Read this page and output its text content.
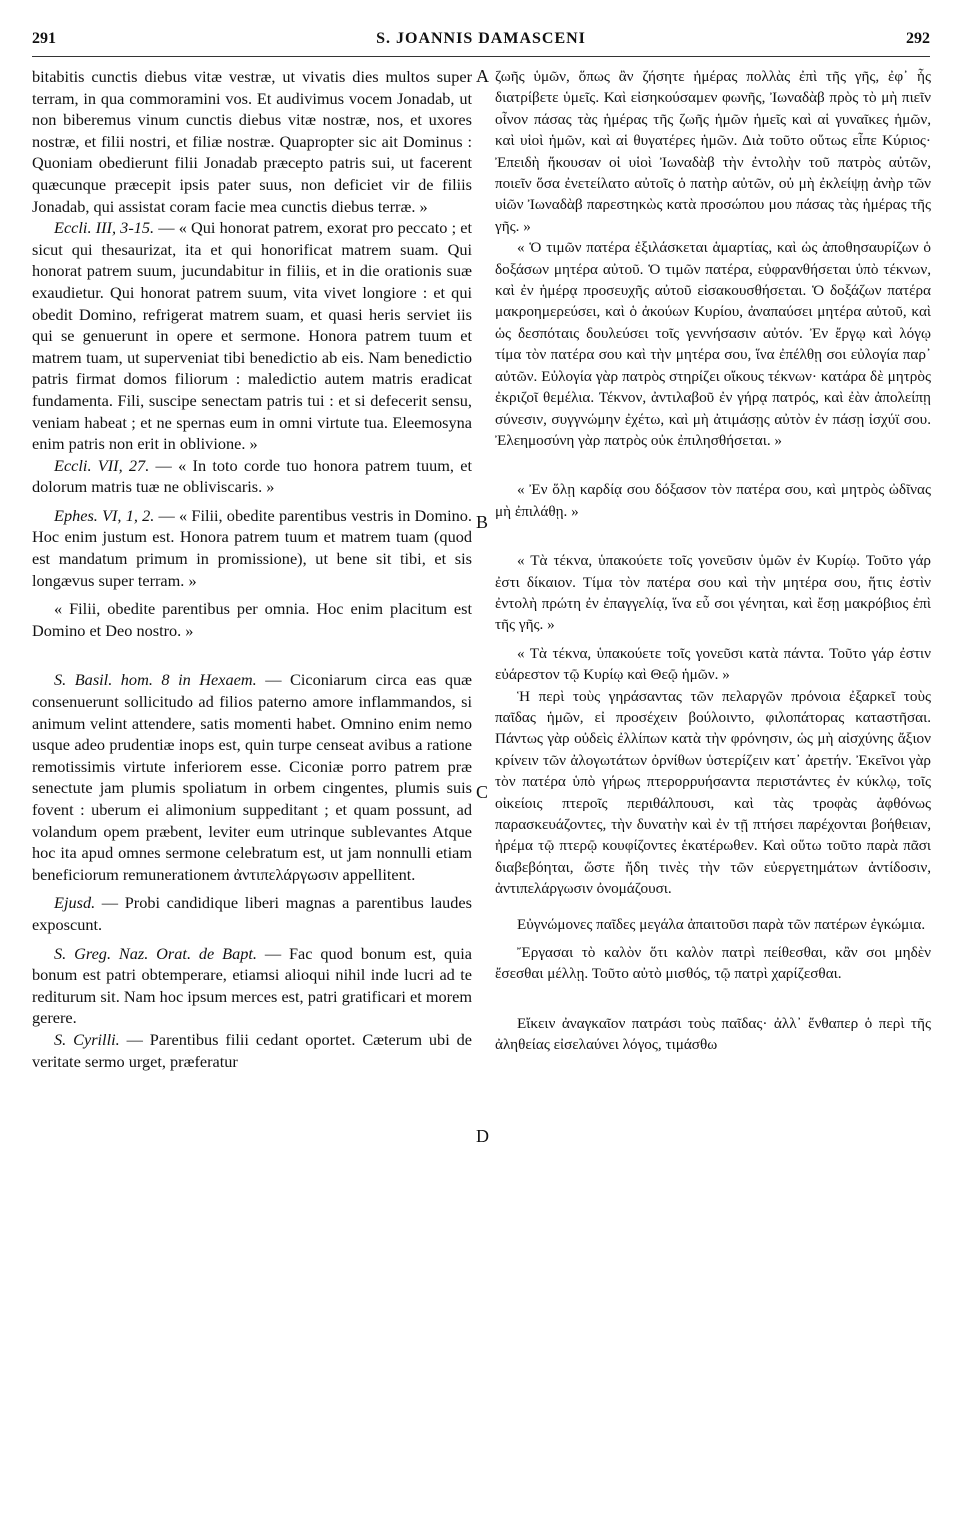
291	S. JOANNIS DAMASCENI	292

bitabitis cunctis diebus vitæ vestræ, ut vivatis dies multos super terram, in qua commoramini vos. Et audivimus vocem Jonadab, ut non biberemus vinum cunctis diebus vitæ nostræ, nos, et uxores nostræ, et filii nostri, et filiæ nostræ. Quapropter sic ait Dominus : Quoniam obedierunt filii Jonadab præcepto patris sui, ut facerent quæcunque præcepit ipsis pater suus, non deficiet vir de filiis Jonadab, qui assistat coram facie mea cunctis diebus terræ. »

Eccli. III, 3-15. — « Qui honorat patrem, exorat pro peccato ; et sicut qui thesaurizat, ita et qui honorificat matrem suam. Qui honorat patrem suum, jucundabitur in filiis, et in die orationis suæ exaudietur. Qui honorat patrem suum, vita vivet longiore : et qui obedit Domino, refrigerat matrem suam, et quasi heris serviet iis qui se genuerunt in opere et sermone. Honora patrem tuum et matrem tuam, ut superveniat tibi benedictio ab eis. Nam benedictio patris firmat domos filiorum : maledictio autem matris eradicat fundamenta. Fili, suscipe senectam patris tui : et si defecerit sensu, veniam habeat ; et ne spernas eum in omni virtute tua. Eleemosyna enim patris non erit in oblivione. »

Eccli. VII, 27. — « In toto corde tuo honora patrem tuum, et dolorum matris tuæ ne obliviscaris. »

Ephes. VI, 1, 2. — « Filii, obedite parentibus vestris in Domino. Hoc enim justum est. Honora patrem tuum et matrem tuam (quod est mandatum primum in promissione), ut bene sit tibi, et sis longævus super terram. »

« Filii, obedite parentibus per omnia. Hoc enim placitum est Domino et Deo nostro. »

S. Basil. hom. 8 in Hexaem. — Ciconiarum circa eas quæ consenuerunt sollicitudo ad filios paterno amore inflammandos, si animum velint attendere, satis momenti habet. Omnino enim nemo usque adeo prudentiæ inops est, quin turpe censeat avibus a ratione remotissimis virtute inferiorem esse. Ciconiæ porro patrem præ senectute jam plumis spoliatum in orbem cingentes, plumis suis fovent : uberum ei alimonium suppeditant ; et quam possunt, ad volandum opem præbent, leviter eum utrinque sublevantes Atque hoc ita apud omnes sermone celebratum est, ut jam nonnulli etiam beneficiorum remunerationem ἀντιπελάργωσιν appellitent.

Ejusd. — Probi candidique liberi magnas a parentibus laudes exposcunt.

S. Greg. Naz. Orat. de Bapt. — Fac quod bonum est, quia bonum est patri obtemperare, etiamsi alioqui nihil inde lucri ad te rediturum sit. Nam hoc ipsum merces est, patri gratificari et morem gerere.

S. Cyrilli. — Parentibus filii cedant oportet. Cæterum ubi de veritate sermo urget, præferatur

A
B
C
D

ζωῆς ὑμῶν, ὅπως ἂν ζήσητε ἡμέρας πολλὰς ἐπὶ τῆς γῆς, ἐφ᾽ ἧς διατρίβετε ὑμεῖς. Καὶ εἰσηκούσαμεν φωνῆς, Ἰωναδὰβ πρὸς τὸ μὴ πιεῖν οἶνον πάσας τὰς ἡμέρας τῆς ζωῆς ἡμῶν ἡμεῖς καὶ αἱ γυναῖκες ἡμῶν, καὶ υἱοὶ ἡμῶν, καὶ αἱ θυγατέρες ἡμῶν. Διὰ τοῦτο οὕτως εἶπε Κύριος· Ἐπειδὴ ἤκουσαν οἱ υἱοὶ Ἰωναδὰβ τὴν ἐντολὴν τοῦ πατρὸς αὐτῶν, ποιεῖν ὅσα ἐνετείλατο αὐτοῖς ὁ πατὴρ αὐτῶν, οὐ μὴ ἐκλείψῃ ἀνὴρ τῶν υἱῶν Ἰωναδὰβ παρεστηκὼς κατὰ προσώπου μου πάσας τὰς ἡμέρας τῆς γῆς. »

« Ὁ τιμῶν πατέρα ἐξιλάσκεται ἁμαρτίας, καὶ ὡς ἀποθησαυρίζων ὁ δοξάσων μητέρα αὐτοῦ. Ὁ τιμῶν πατέρα, εὐφρανθήσεται ὑπὸ τέκνων, καὶ ἐν ἡμέρᾳ προσευχῆς αὐτοῦ εἰσακουσθήσεται. Ὁ δοξάζων πατέρα μακροημερεύσει, καὶ ὁ ἀκούων Κυρίου, ἀναπαύσει μητέρα αὐτοῦ, καὶ ὡς δεσπόταις δουλεύσει τοῖς γεννήσασιν αὐτόν. Ἐν ἔργῳ καὶ λόγῳ τίμα τὸν πατέρα σου καὶ τὴν μητέρα σου, ἵνα ἐπέλθῃ σοι εὐλογία παρ᾽ αὐτῶν. Εὐλογία γὰρ πατρὸς στηρίζει οἴκους τέκνων· κατάρα δὲ μητρὸς ἐκριζοῖ θεμέλια. Τέκνον, ἀντιλαβοῦ ἐν γήρᾳ πατρός, καὶ ἐὰν ἀπολείπῃ σύνεσιν, συγγνώμην ἐχέτω, καὶ μὴ ἀτιμάσῃς αὐτὸν ἐν πάσῃ ἰσχύϊ σου. Ἐλεημοσύνη γὰρ πατρὸς οὐκ ἐπιλησθήσεται. »

« Ἐν ὅλῃ καρδίᾳ σου δόξασον τὸν πατέρα σου, καὶ μητρὸς ὠδῖνας μὴ ἐπιλάθῃ. »

« Τὰ τέκνα, ὑπακούετε τοῖς γονεῦσιν ὑμῶν ἐν Κυρίῳ. Τοῦτο γάρ ἐστι δίκαιον. Τίμα τὸν πατέρα σου καὶ τὴν μητέρα σου, ἥτις ἐστὶν ἐντολὴ πρώτη ἐν ἐπαγγελίᾳ, ἵνα εὖ σοι γένηται, καὶ ἔσῃ μακρόβιος ἐπὶ τῆς γῆς. »

« Τὰ τέκνα, ὑπακούετε τοῖς γονεῦσι κατὰ πάντα. Τοῦτο γάρ ἐστιν εὐάρεστον τῷ Κυρίῳ καὶ Θεῷ ἡμῶν. »

Ἡ περὶ τοὺς γηράσαντας τῶν πελαργῶν πρόνοια ἐξαρκεῖ τοὺς παῖδας ἡμῶν, εἰ προσέχειν βούλοιντο, φιλοπάτορας καταστῆσαι. Πάντως γὰρ οὐδεὶς ἐλλίπων κατὰ τὴν φρόνησιν, ὡς μὴ αἰσχύνης ἄξιον κρίνειν τῶν ἀλογωτάτων ὀρνίθων ὑστερίζειν κατ᾽ ἀρετήν. Ἐκεῖνοι γὰρ τὸν πατέρα ὑπὸ γήρως πτερορρυήσαντα περιστάντες ἐν κύκλῳ, τοῖς οἰκείοις πτεροῖς περιθάλπουσι, καὶ τὰς τροφὰς ἀφθόνως παρασκευάζοντες, τὴν δυνατὴν καὶ ἐν τῇ πτήσει παρέχονται βοήθειαν, ἠρέμα τῷ πτερῷ κουφίζοντες ἑκατέρωθεν. Καὶ οὕτω τοῦτο παρὰ πᾶσι διαβεβόηται, ὥστε ἤδη τινὲς τὴν τῶν εὐεργετημάτων ἀντίδοσιν, ἀντιπελάργωσιν ὀνομάζουσι.

Εὐγνώμονες παῖδες μεγάλα ἀπαιτοῦσι παρὰ τῶν πατέρων ἐγκώμια.

Ἔργασαι τὸ καλὸν ὅτι καλὸν πατρὶ πείθεσθαι, κἂν σοι μηδὲν ἔσεσθαι μέλλῃ. Τοῦτο αὐτὸ μισθός, τῷ πατρὶ χαρίζεσθαι.

Εἴκειν ἀναγκαῖον πατράσι τοὺς παῖδας· ἀλλ᾽ ἔνθαπερ ὁ περὶ τῆς ἀληθείας εἰσελαύνει λόγος, τιμάσθω
